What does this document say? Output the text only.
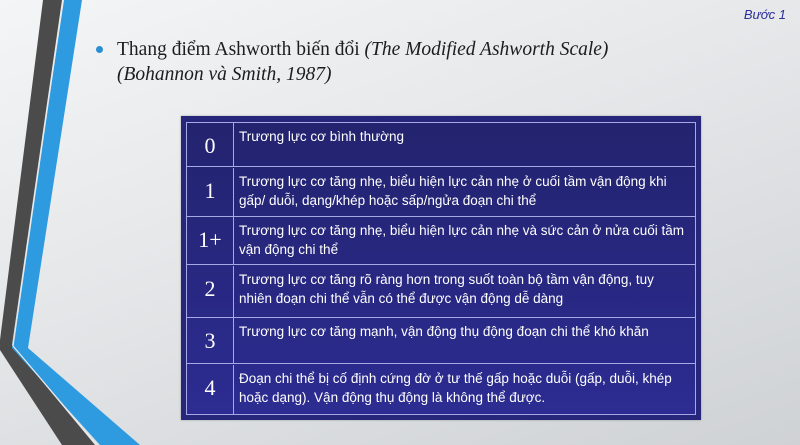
Bước 1
Thang điểm Ashworth biến đổi (The Modified Ashworth Scale)
(Bohannon và Smith, 1987)
0	Trương lực cơ bình thường
1	Trương lực cơ tăng nhẹ, biểu hiện lực cản nhẹ ở cuối tầm vận động khi gấp/ duỗi, dạng/khép hoặc sấp/ngửa đoạn chi thể
1+	Trương lực cơ tăng nhẹ, biểu hiện lực cản nhẹ và sức cản ở nửa cuối tầm vận động chi thể
2	Trương lực cơ tăng rõ ràng hơn trong suốt toàn bộ tầm vận động, tuy nhiên đoạn chi thể vẫn có thể được vận động dễ dàng
3	Trương lực cơ tăng mạnh, vận động thụ động đoạn chi thể khó khăn
4	Đoạn chi thể bị cố định cứng đờ ở tư thế gấp hoặc duỗi (gấp, duỗi, khép hoặc dạng). Vận động thụ động là không thể được.
